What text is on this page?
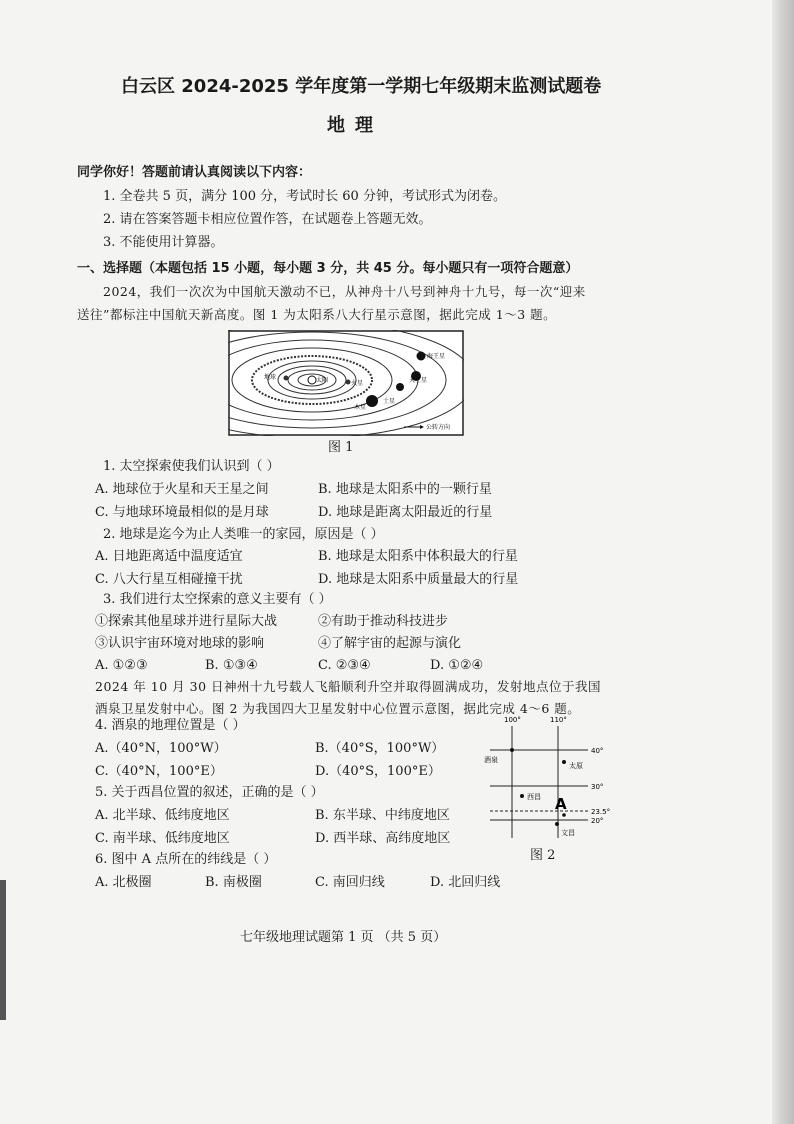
白云区 2024-2025 学年度第一学期七年级期末监测试题卷
地理
同学你好！答题前请认真阅读以下内容：
1. 全卷共 5 页，满分 100 分，考试时长 60 分钟，考试形式为闭卷。
2. 请在答案答题卡相应位置作答，在试题卷上答题无效。
3. 不能使用计算器。
一、选择题（本题包括 15 小题，每小题 3 分，共 45 分。每小题只有一项符合题意）
2024，我们一次次为中国航天激动不已，从神舟十八号到神舟十九号，每一次“迎来
送往”都标注中国航天新高度。图 1 为太阳系八大行星示意图，据此完成 1～3 题。
海王星
天王星
地球
火星
太阳
土星
木星
公转方向
图 1
1. 太空探索使我们认识到（ ）
A. 地球位于火星和天王星之间	B. 地球是太阳系中的一颗行星
C. 与地球环境最相似的是月球	D. 地球是距离太阳最近的行星
2. 地球是迄今为止人类唯一的家园，原因是（ ）
A. 日地距离适中温度适宜	B. 地球是太阳系中体积最大的行星
C. 八大行星互相碰撞干扰	D. 地球是太阳系中质量最大的行星
3. 我们进行太空探索的意义主要有（ ）
①探索其他星球并进行星际大战	②有助于推动科技进步
③认识宇宙环境对地球的影响	④了解宇宙的起源与演化
A. ①②③	B. ①③④	C. ②③④	D. ①②④
2024 年 10 月 30 日神州十九号载人飞船顺利升空并取得圆满成功，发射地点位于我国
酒泉卫星发射中心。图 2 为我国四大卫星发射中心位置示意图，据此完成 4～6 题。
4. 酒泉的地理位置是（ ）
A.（40°N，100°W）	B.（40°S，100°W）
C.（40°N，100°E）	D.（40°S，100°E）
5. 关于西昌位置的叙述，正确的是（ ）
A. 北半球、低纬度地区	B. 东半球、中纬度地区
C. 南半球、低纬度地区	D. 西半球、高纬度地区
6. 图中 A 点所在的纬线是（ ）
A. 北极圈	B. 南极圈	C. 南回归线	D. 北回归线
100°	110°
40°
30°
23.5°
20°
酒泉
太原
西昌 A
文昌
图 2
七年级地理试题第 1 页 （共 5 页）
